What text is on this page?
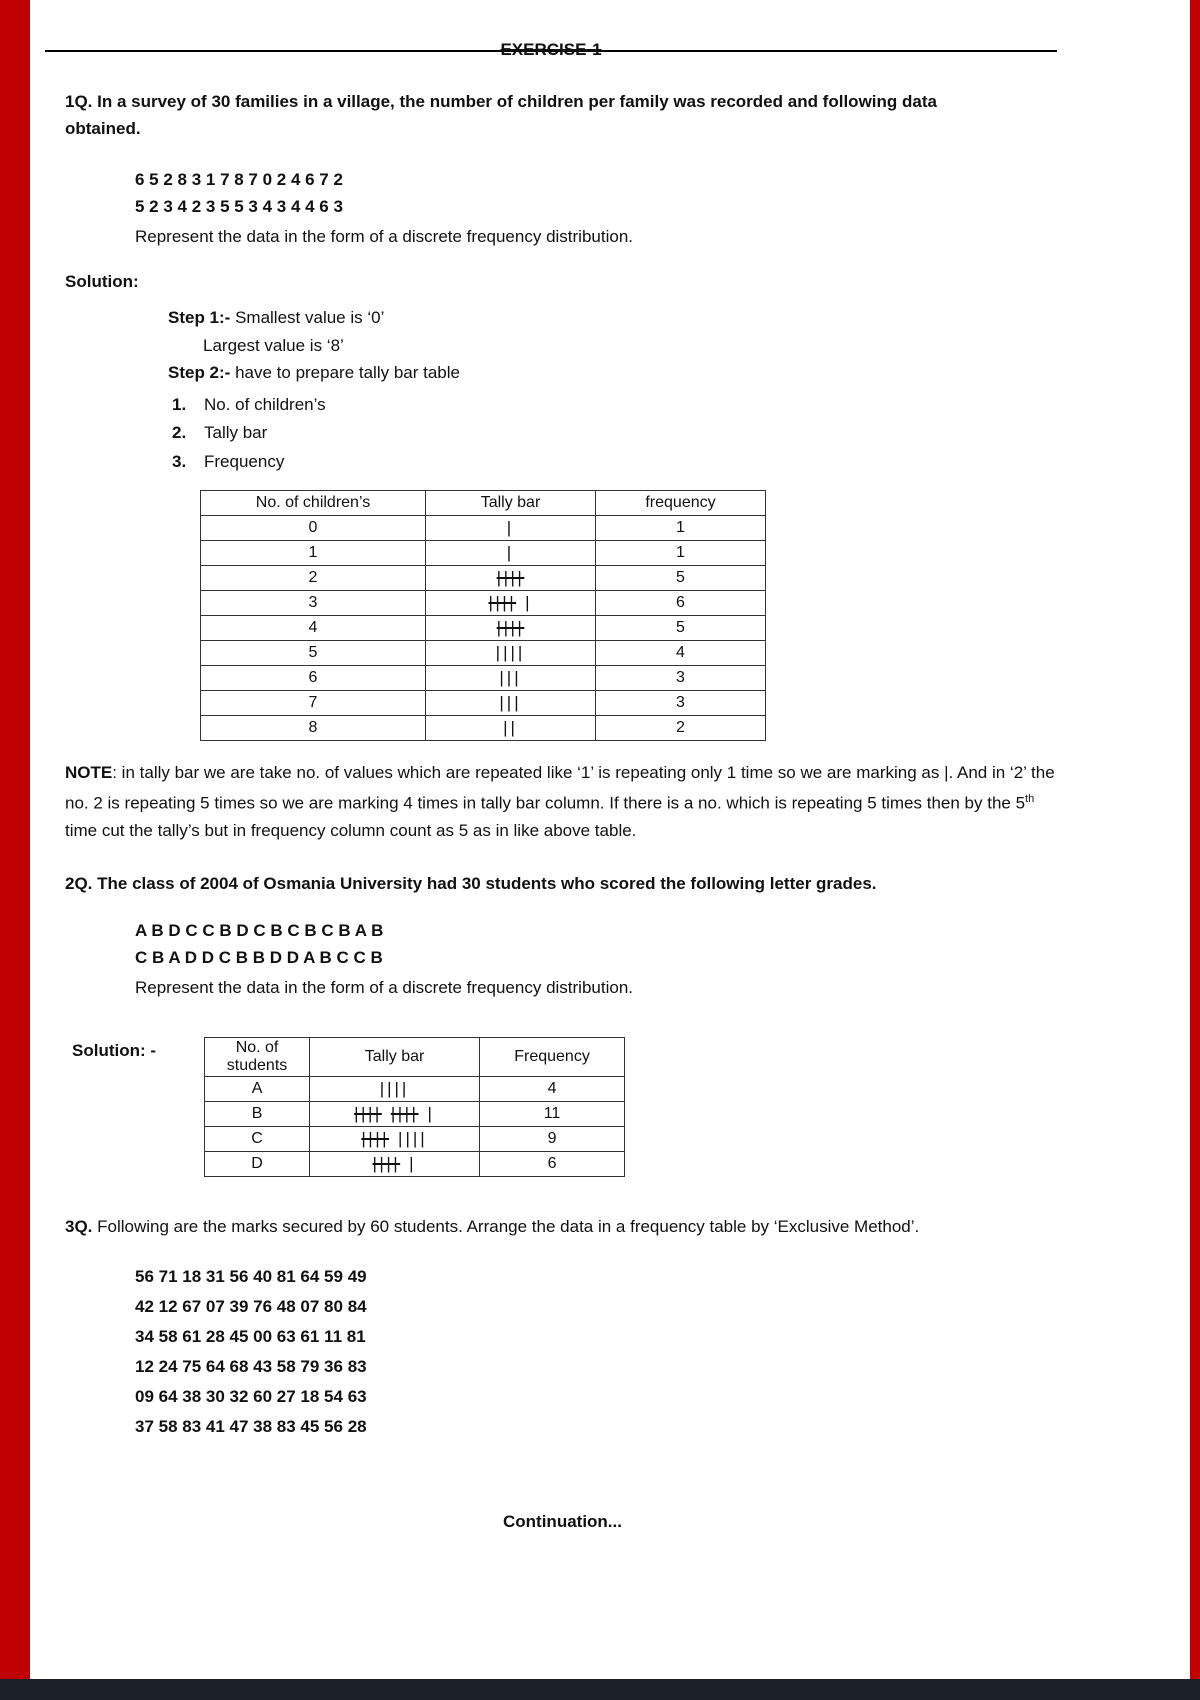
EXERCISE-1

1Q. In a survey of 30 families in a village, the number of children per family was recorded and following data obtained.

6 5 2 8 3 1 7 8 7 0 2 4 6 7 2
5 2 3 4 2 3 5 5 3 4 3 4 4 6 3
Represent the data in the form of a discrete frequency distribution.

Solution:

Step 1:- Smallest value is ‘0’

Largest value is ‘8’

Step 2:- have to prepare tally bar table

1. No. of children’s
2. Tally bar
3. Frequency
No. of children’s	Tally bar	frequency
0	|	1
1	|	1
2	||||	5
3	|||| |	6
4	||||	5
5	||||	4
6	|||	3
7	|||	3
8	||	2

NOTE: in tally bar we are take no. of values which are repeated like ‘1’ is repeating only 1 time so we are marking as |. And in ‘2’ the no. 2 is repeating 5 times so we are marking 4 times in tally bar column. If there is a no. which is repeating 5 times then by the 5th time cut the tally’s but in frequency column count as 5 as in like above table.

2Q. The class of 2004 of Osmania University had 30 students who scored the following letter grades.

A B D C C B D C B C B C B A B
C B A D D C B B D D A B C C B
Represent the data in the form of a discrete frequency distribution.
Solution: -	No. of students	Tally bar	Frequency
A	||||	4
B	|||| |||| |	11
C	|||| ||||	9
D	|||| |	6

3Q. Following are the marks secured by 60 students. Arrange the data in a frequency table by ‘Exclusive Method’.

56 71 18 31 56 40 81 64 59 49
42 12 67 07 39 76 48 07 80 84
34 58 61 28 45 00 63 61 11 81
12 24 75 64 68 43 58 79 36 83
09 64 38 30 32 60 27 18 54 63
37 58 83 41 47 38 83 45 56 28

Continuation...
